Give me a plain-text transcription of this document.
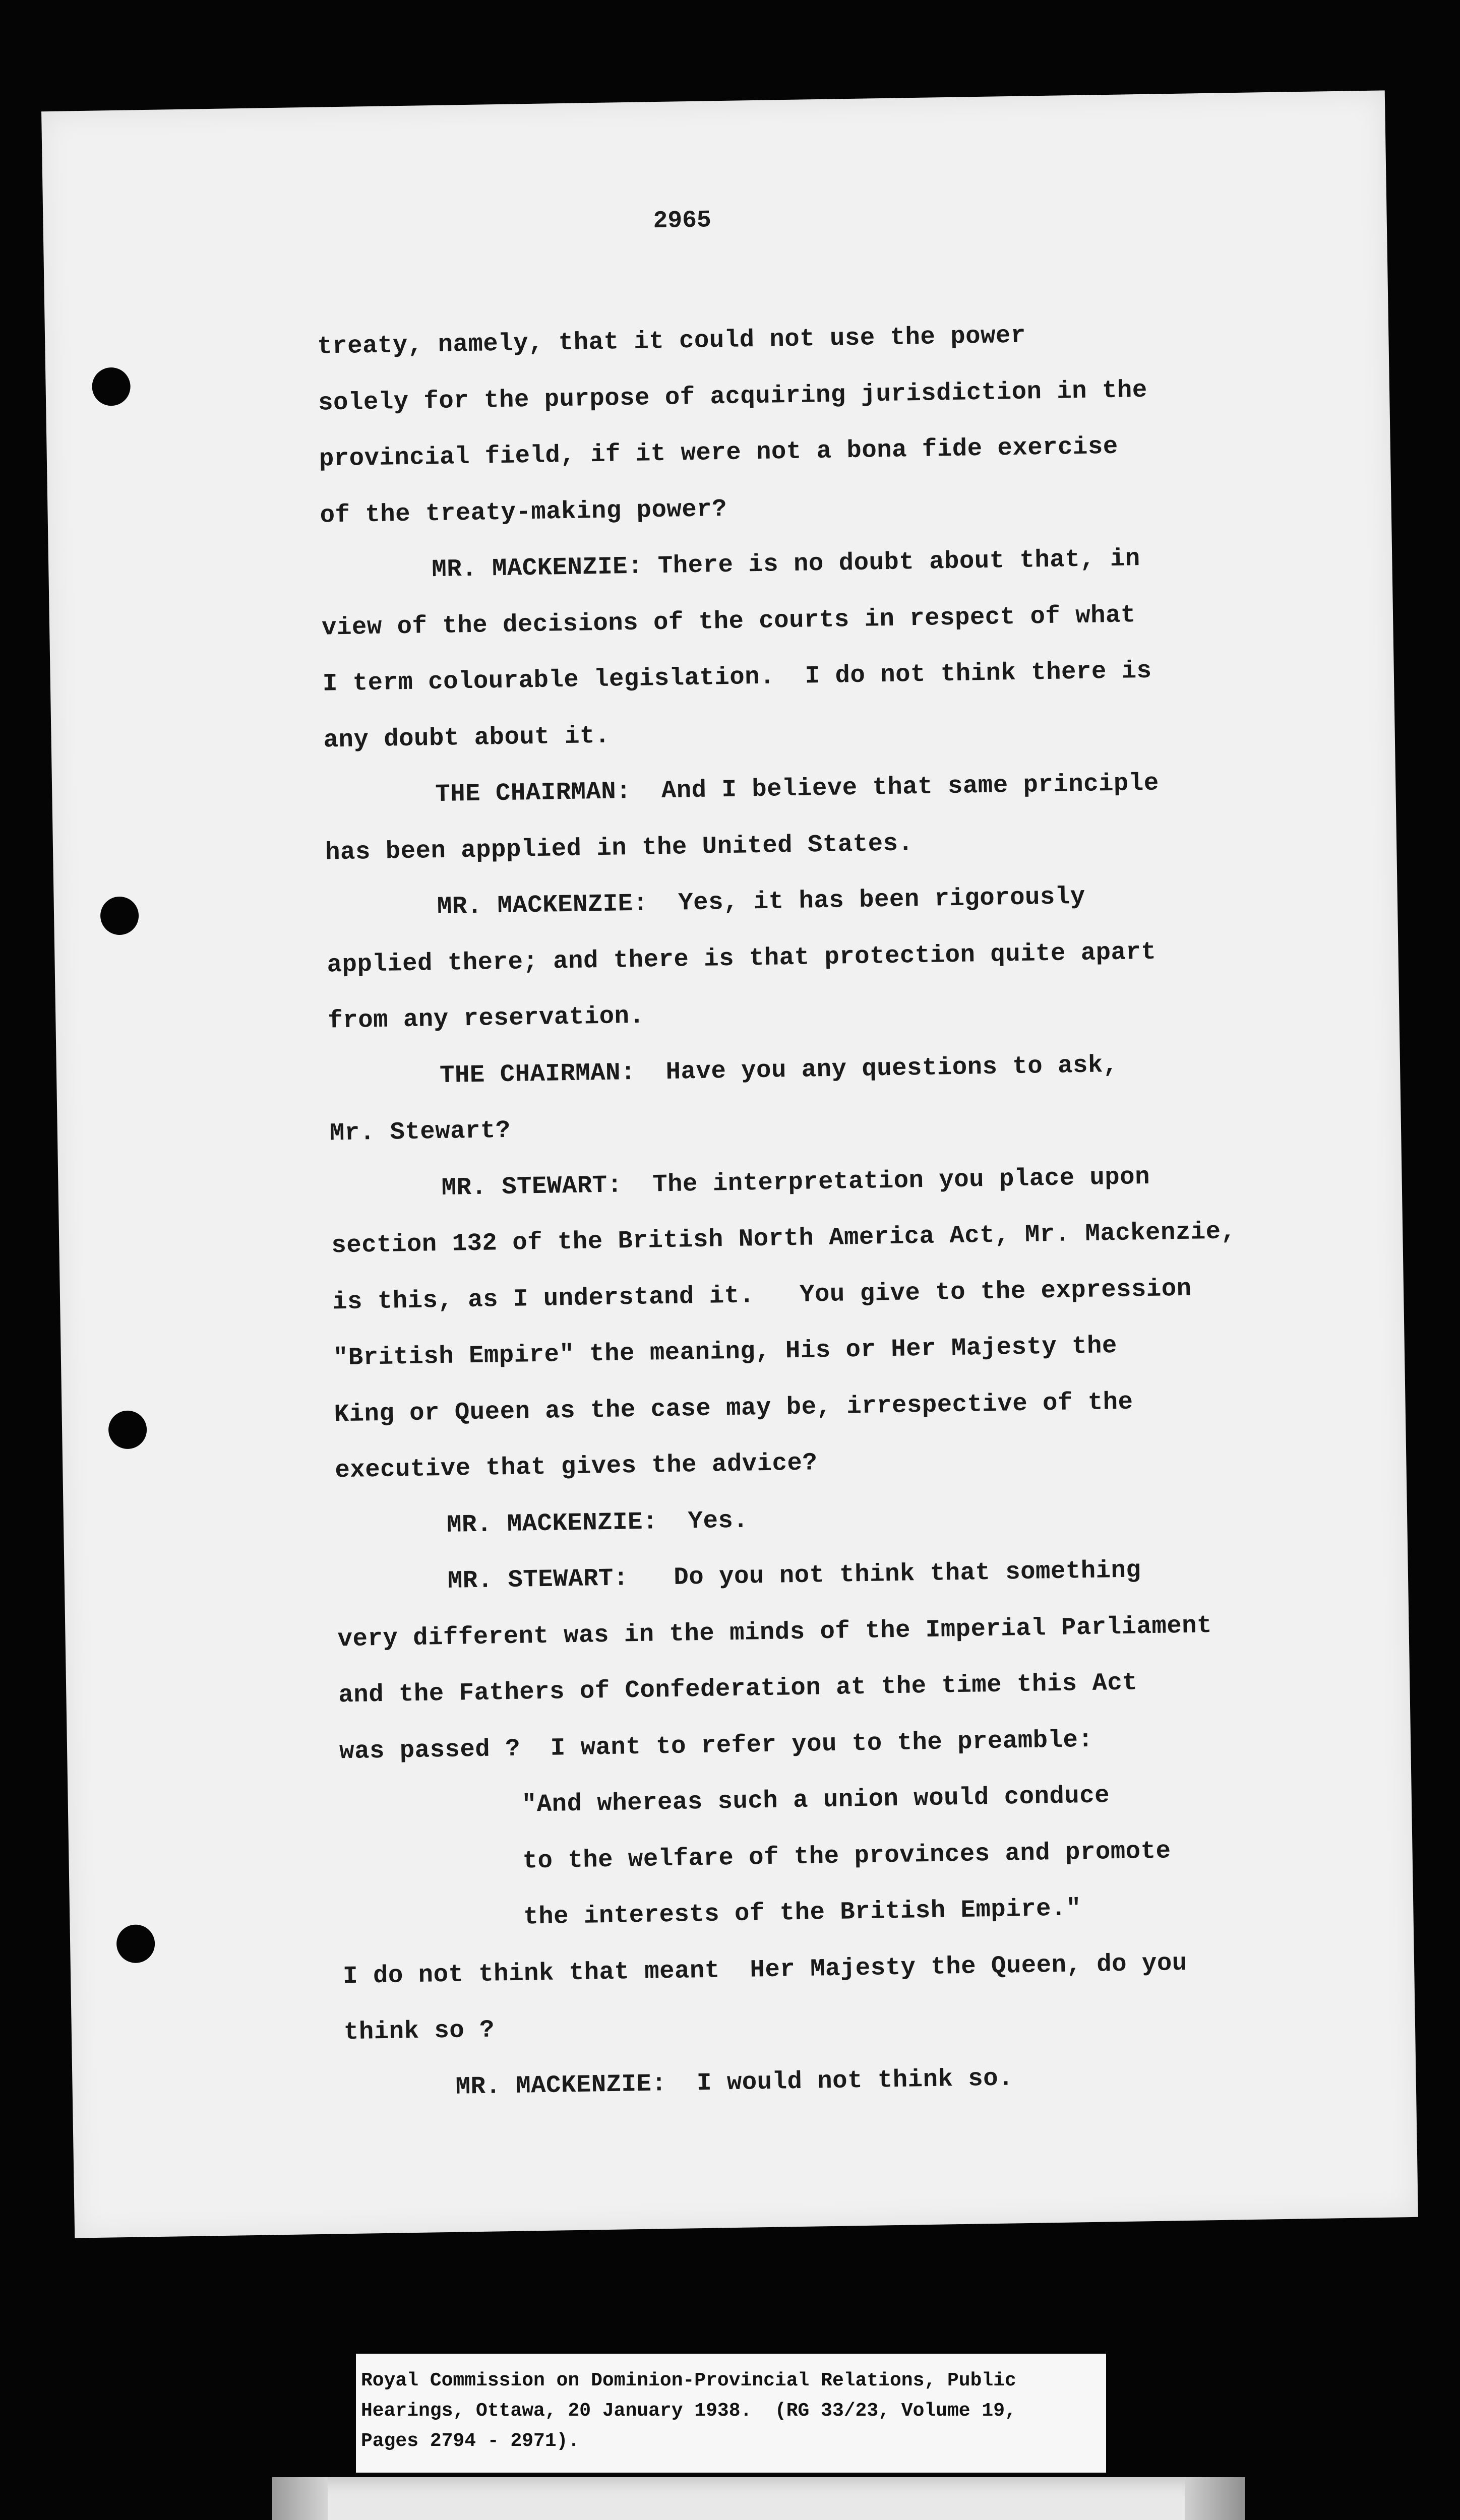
2965
treaty, namely, that it could not use the power
solely for the purpose of acquiring jurisdiction in the
provincial field, if it were not a bona fide exercise
of the treaty-making power?
MR. MACKENZIE: There is no doubt about that, in
view of the decisions of the courts in respect of what
I term colourable legislation.  I do not think there is
any doubt about it.
THE CHAIRMAN:  And I believe that same principle
has been appplied in the United States.
MR. MACKENZIE:  Yes, it has been rigorously
applied there; and there is that protection quite apart
from any reservation.
THE CHAIRMAN:  Have you any questions to ask,
Mr. Stewart?
MR. STEWART:  The interpretation you place upon
section 132 of the British North America Act, Mr. Mackenzie,
is this, as I understand it.   You give to the expression
"British Empire" the meaning, His or Her Majesty the
King or Queen as the case may be, irrespective of the
executive that gives the advice?
MR. MACKENZIE:  Yes.
MR. STEWART:   Do you not think that something
very different was in the minds of the Imperial Parliament
and the Fathers of Confederation at the time this Act
was passed ?  I want to refer you to the preamble:
"And whereas such a union would conduce
to the welfare of the provinces and promote
the interests of the British Empire."
I do not think that meant  Her Majesty the Queen, do you
think so ?
MR. MACKENZIE:  I would not think so.
Royal Commission on Dominion-Provincial Relations, Public
Hearings, Ottawa, 20 January 1938.  (RG 33/23, Volume 19,
Pages 2794 - 2971).
